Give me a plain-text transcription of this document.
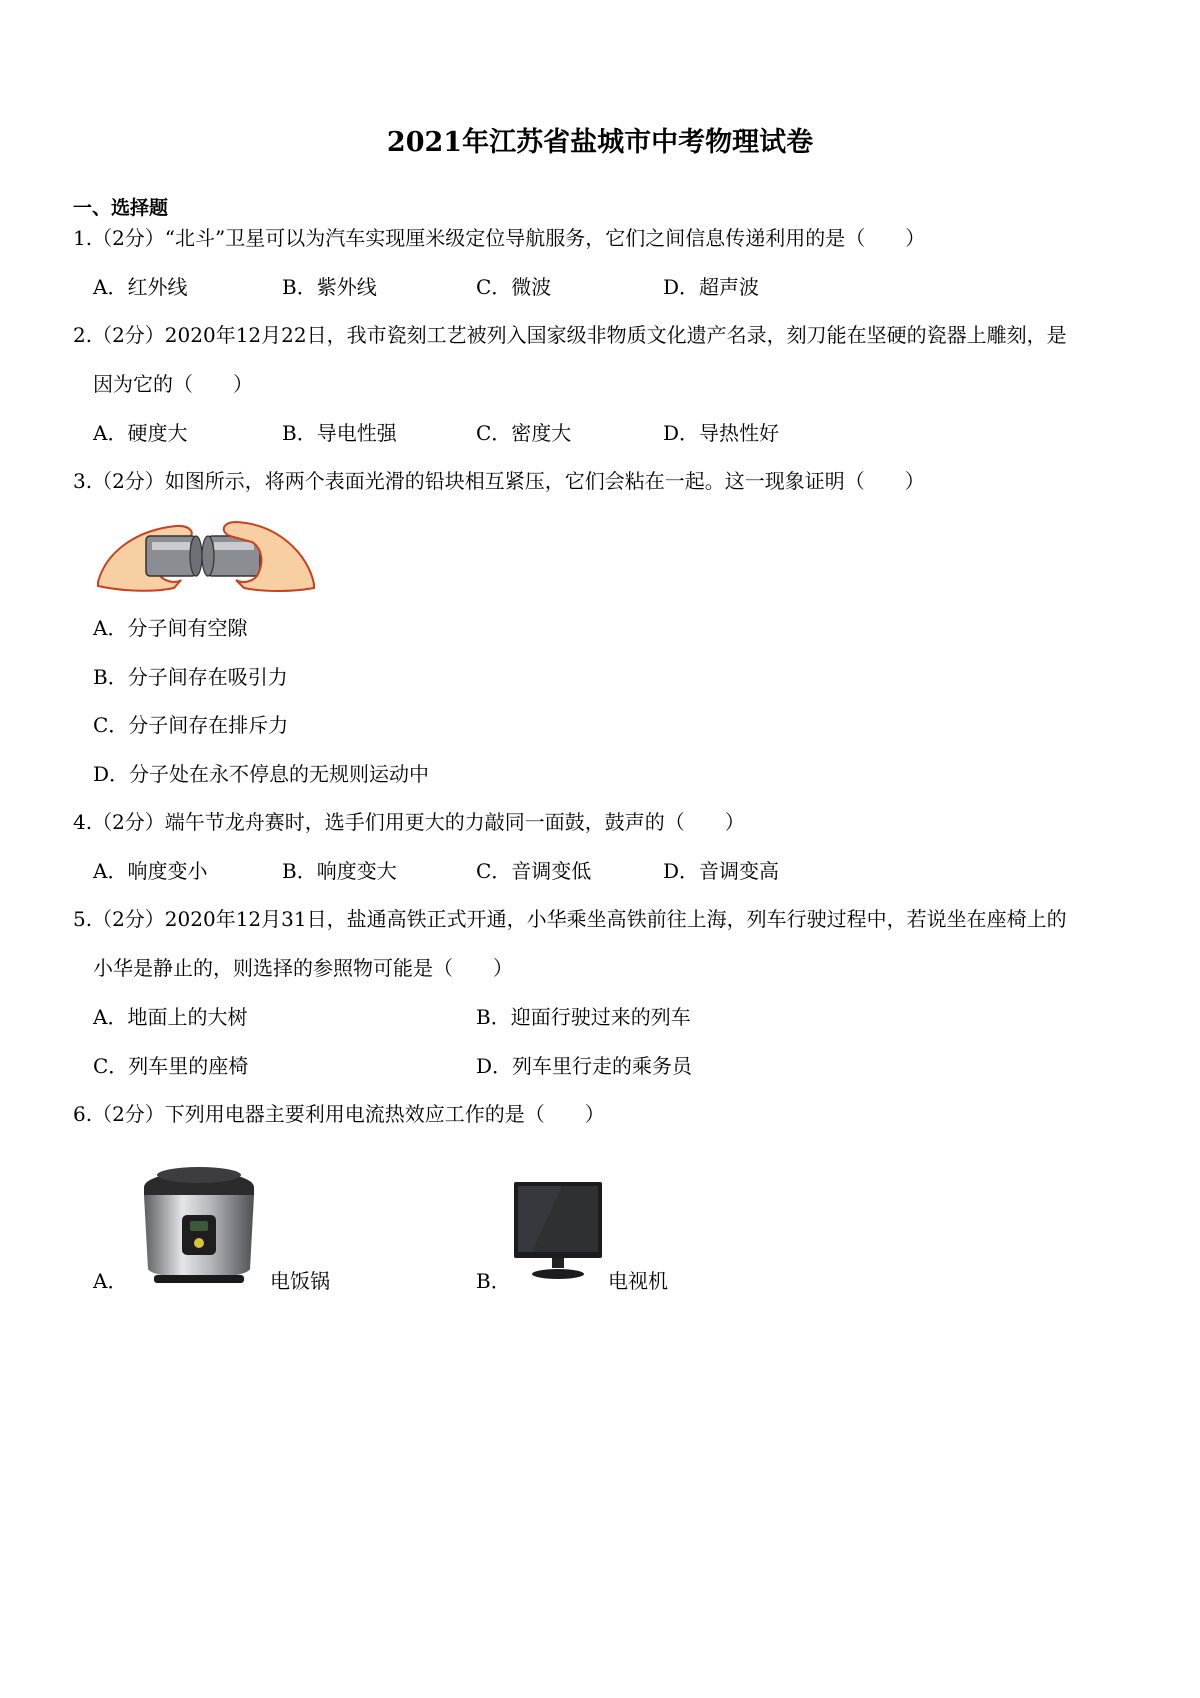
2021年江苏省盐城市中考物理试卷
一、选择题
1.（2分）“北斗”卫星可以为汽车实现厘米级定位导航服务，它们之间信息传递利用的是（　　）
A．红外线	B．紫外线	C．微波	D．超声波
2.（2分）2020年12月22日，我市瓷刻工艺被列入国家级非物质文化遗产名录，刻刀能在坚硬的瓷器上雕刻，是
因为它的（　　）
A．硬度大	B．导电性强	C．密度大	D．导热性好
3.（2分）如图所示，将两个表面光滑的铅块相互紧压，它们会粘在一起。这一现象证明（　　）
A．分子间有空隙
B．分子间存在吸引力
C．分子间存在排斥力
D．分子处在永不停息的无规则运动中
4.（2分）端午节龙舟赛时，选手们用更大的力敲同一面鼓，鼓声的（　　）
A．响度变小	B．响度变大	C．音调变低	D．音调变高
5.（2分）2020年12月31日，盐通高铁正式开通，小华乘坐高铁前往上海，列车行驶过程中，若说坐在座椅上的
小华是静止的，则选择的参照物可能是（　　）
A．地面上的大树	B．迎面行驶过来的列车
C．列车里的座椅	D．列车里行走的乘务员
6.（2分）下列用电器主要利用电流热效应工作的是（　　）
A．	电饭锅	B．	电视机
